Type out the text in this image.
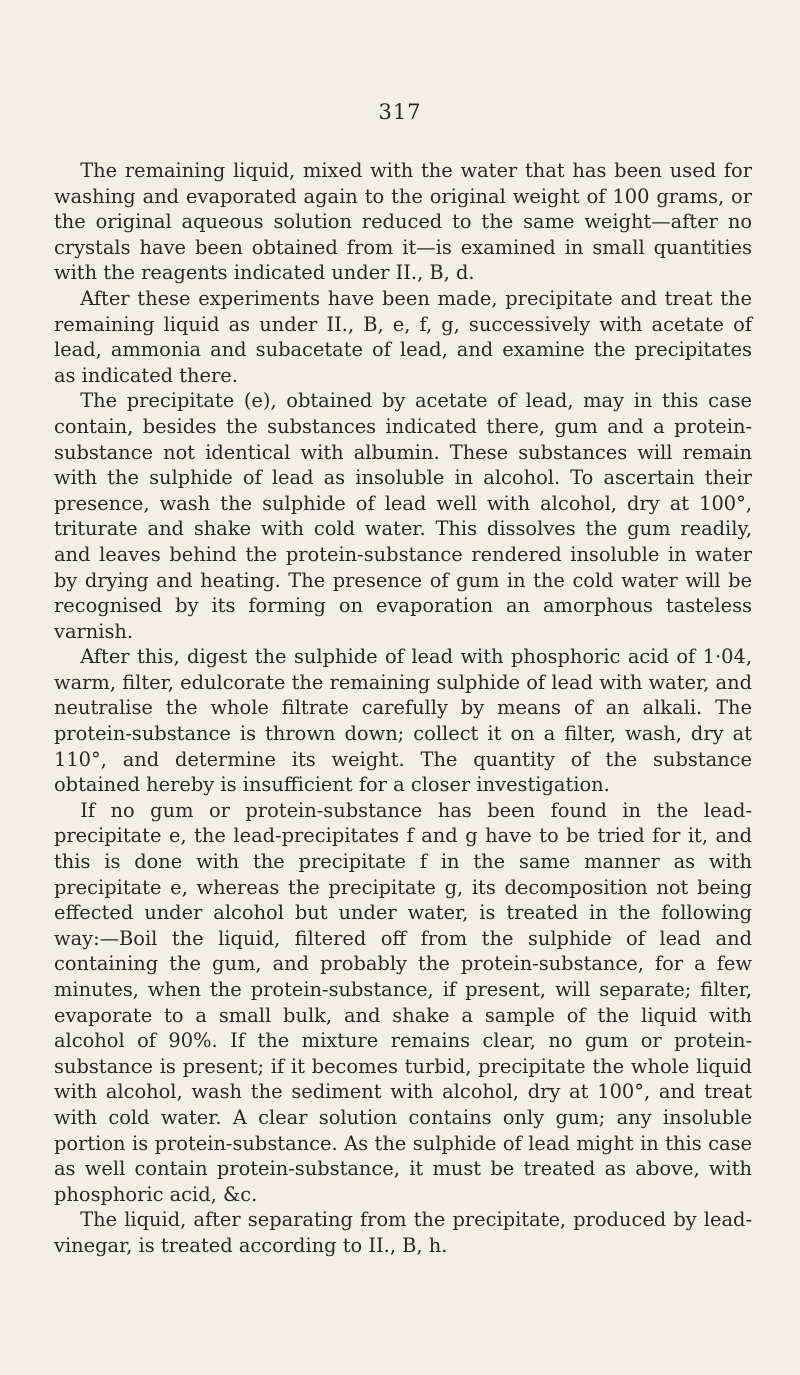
317

The remaining liquid, mixed with the water that has been used for washing and evaporated again to the original weight of 100 grams, or the original aqueous solution reduced to the same weight—after no crystals have been obtained from it—is examined in small quantities with the reagents indicated under II., B, d.

After these experiments have been made, precipitate and treat the remaining liquid as under II., B, e, f, g, successively with acetate of lead, ammonia and subacetate of lead, and examine the precipitates as indicated there.

The precipitate (e), obtained by acetate of lead, may in this case contain, besides the substances indicated there, gum and a protein-substance not identical with albumin. These substances will remain with the sulphide of lead as insoluble in alcohol. To ascertain their presence, wash the sulphide of lead well with alcohol, dry at 100°, triturate and shake with cold water. This dissolves the gum readily, and leaves behind the protein-substance rendered insoluble in water by drying and heating. The presence of gum in the cold water will be recognised by its forming on evaporation an amorphous tasteless varnish.

After this, digest the sulphide of lead with phosphoric acid of 1·04, warm, filter, edulcorate the remaining sulphide of lead with water, and neutralise the whole filtrate carefully by means of an alkali. The protein-substance is thrown down; collect it on a filter, wash, dry at 110°, and determine its weight. The quantity of the substance obtained hereby is insufficient for a closer investigation.

If no gum or protein-substance has been found in the lead-precipitate e, the lead-precipitates f and g have to be tried for it, and this is done with the precipitate f in the same manner as with precipitate e, whereas the precipitate g, its decomposition not being effected under alcohol but under water, is treated in the following way:—Boil the liquid, filtered off from the sulphide of lead and containing the gum, and probably the protein-substance, for a few minutes, when the protein-substance, if present, will separate; filter, evaporate to a small bulk, and shake a sample of the liquid with alcohol of 90%. If the mixture remains clear, no gum or protein-substance is present; if it becomes turbid, precipitate the whole liquid with alcohol, wash the sediment with alcohol, dry at 100°, and treat with cold water. A clear solution contains only gum; any insoluble portion is protein-substance. As the sulphide of lead might in this case as well contain protein-substance, it must be treated as above, with phosphoric acid, &c.

The liquid, after separating from the precipitate, produced by lead-vinegar, is treated according to II., B, h.
